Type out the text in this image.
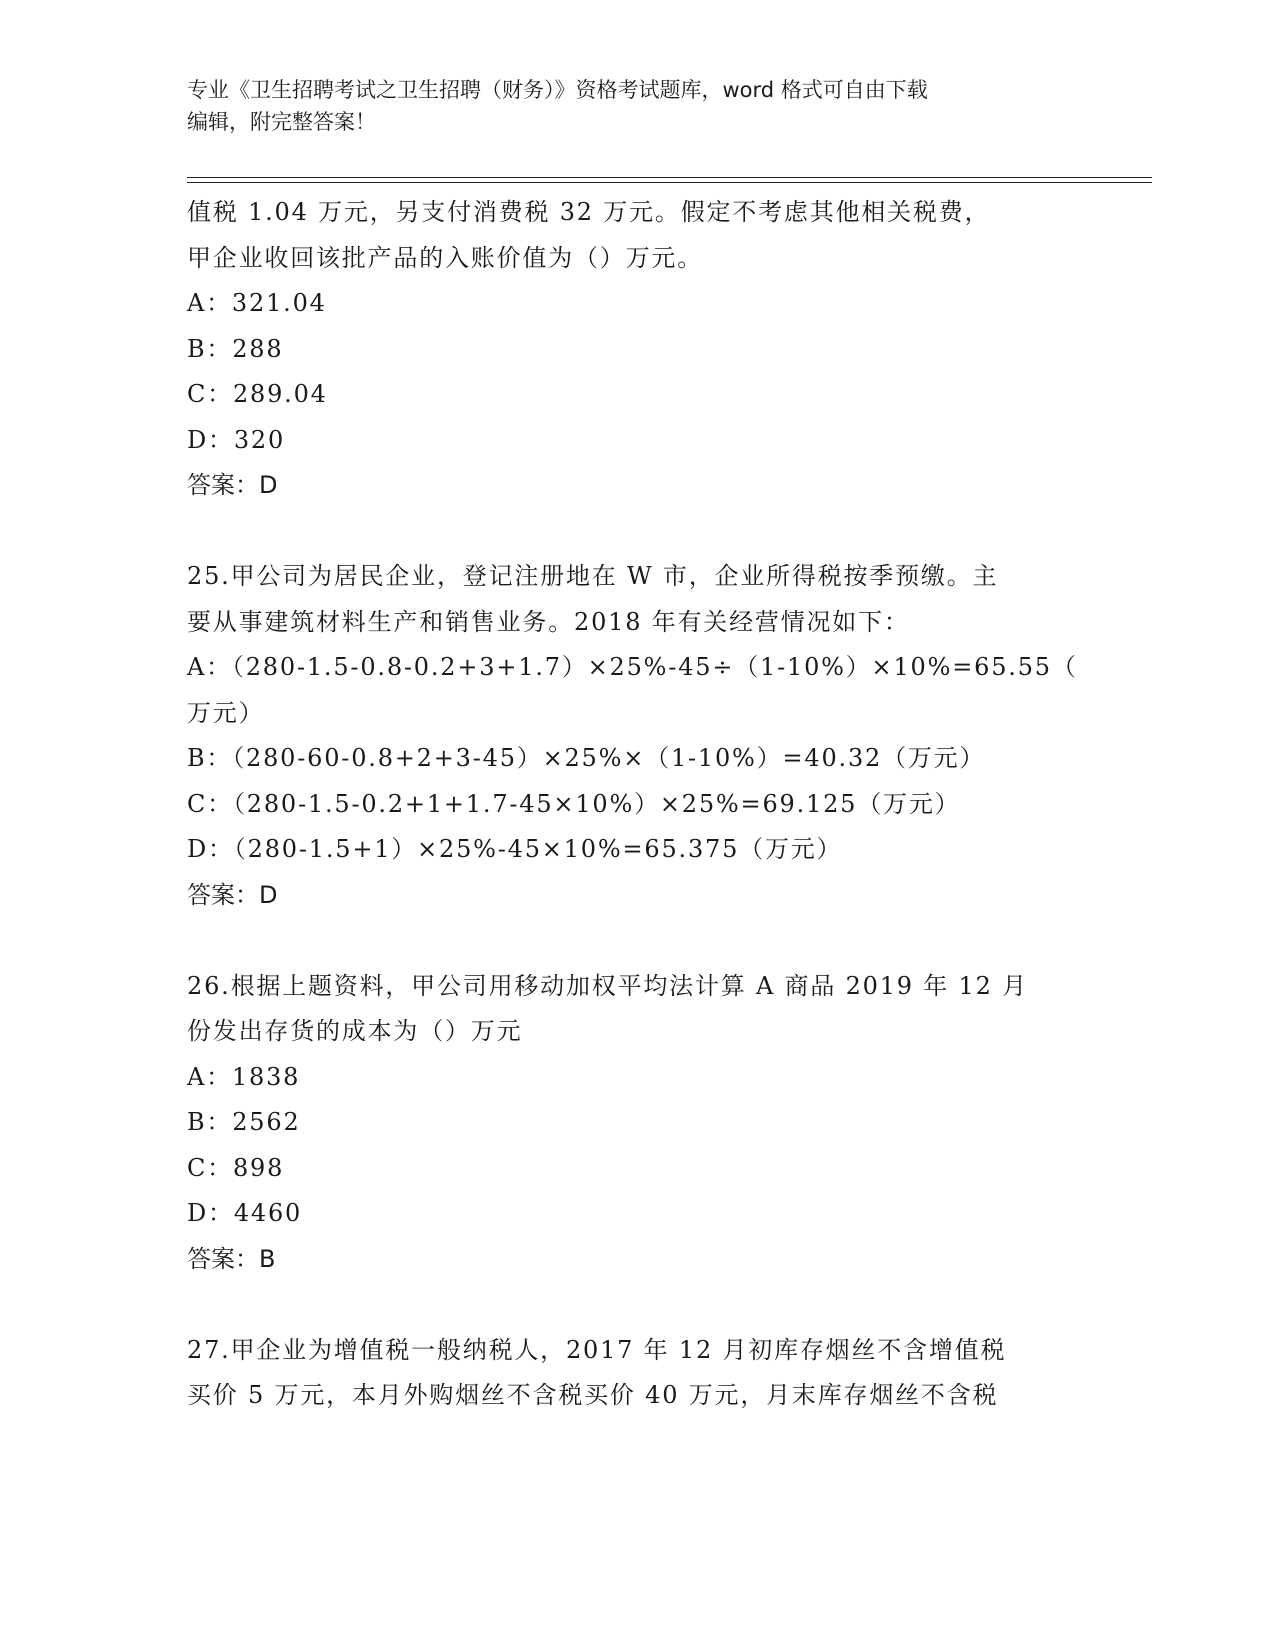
专业《卫生招聘考试之卫生招聘（财务）》资格考试题库，word 格式可自由下载
编辑，附完整答案！
值税 1.04 万元，另支付消费税 32 万元。假定不考虑其他相关税费，
甲企业收回该批产品的入账价值为（）万元。
A：321.04
B：288
C：289.04
D：320
答案：D
25.甲公司为居民企业，登记注册地在 W 市，企业所得税按季预缴。主
要从事建筑材料生产和销售业务。2018 年有关经营情况如下：
A：（280-1.5-0.8-0.2+3+1.7）×25%-45÷（1-10%）×10%=65.55（
万元）
B：（280-60-0.8+2+3-45）×25%×（1-10%）=40.32（万元）
C：（280-1.5-0.2+1+1.7-45×10%）×25%=69.125（万元）
D：（280-1.5+1）×25%-45×10%=65.375（万元）
答案：D
26.根据上题资料，甲公司用移动加权平均法计算 A 商品 2019 年 12 月
份发出存货的成本为（）万元
A：1838
B：2562
C：898
D：4460
答案：B
27.甲企业为增值税一般纳税人，2017 年 12 月初库存烟丝不含增值税
买价 5 万元，本月外购烟丝不含税买价 40 万元，月末库存烟丝不含税
